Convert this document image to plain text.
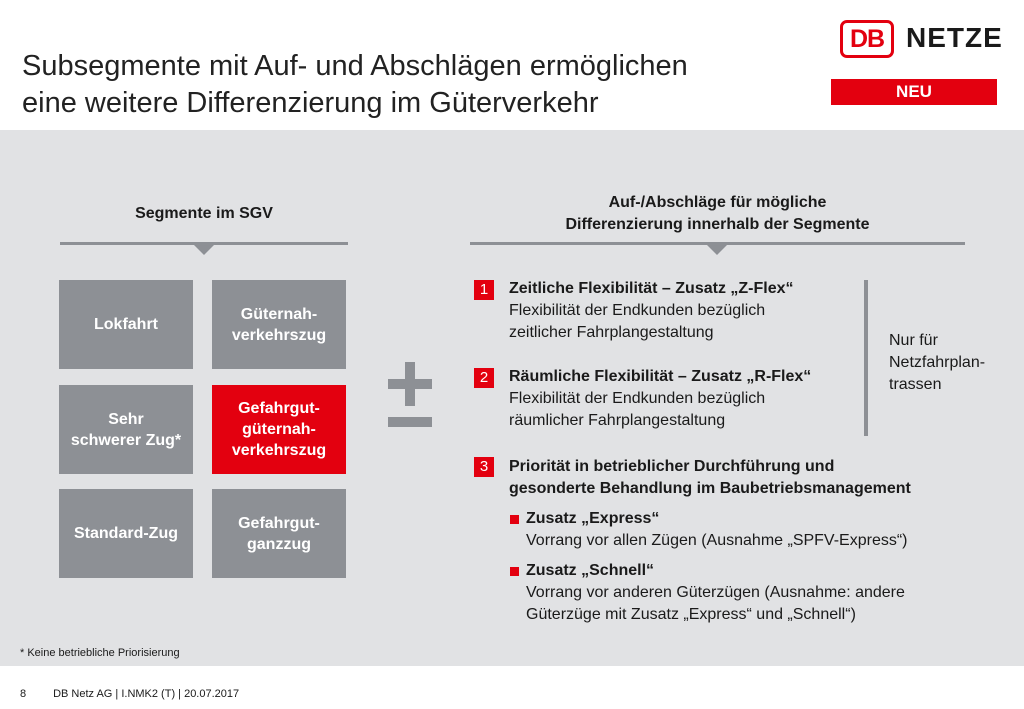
Subsegmente mit Auf- und Abschlägen ermöglichen
eine weitere Differenzierung im Güterverkehr
DB NETZE
NEU
Segmente im SGV
Lokfahrt
Güternah-
verkehrszug
Sehr
schwerer Zug*
Gefahrgut-
güternah-
verkehrszug
Standard-Zug
Gefahrgut-
ganzzug
Auf-/Abschläge für mögliche
Differenzierung innerhalb der Segmente
1	Zeitliche Flexibilität – Zusatz „Z-Flex“
Flexibilität der Endkunden bezüglich
zeitlicher Fahrplangestaltung
2	Räumliche Flexibilität – Zusatz „R-Flex“
Flexibilität der Endkunden bezüglich
räumlicher Fahrplangestaltung
Nur für
Netzfahrplan-
trassen
3	Priorität in betrieblicher Durchführung und
gesonderte Behandlung im Baubetriebsmanagement
Zusatz „Express“
Vorrang vor allen Zügen (Ausnahme „SPFV-Express“)
Zusatz „Schnell“
Vorrang vor anderen Güterzügen (Ausnahme: andere
Güterzüge mit Zusatz „Express“ und „Schnell“)
* Keine betriebliche Priorisierung
8 DB Netz AG | I.NMK2 (T) | 20.07.2017
